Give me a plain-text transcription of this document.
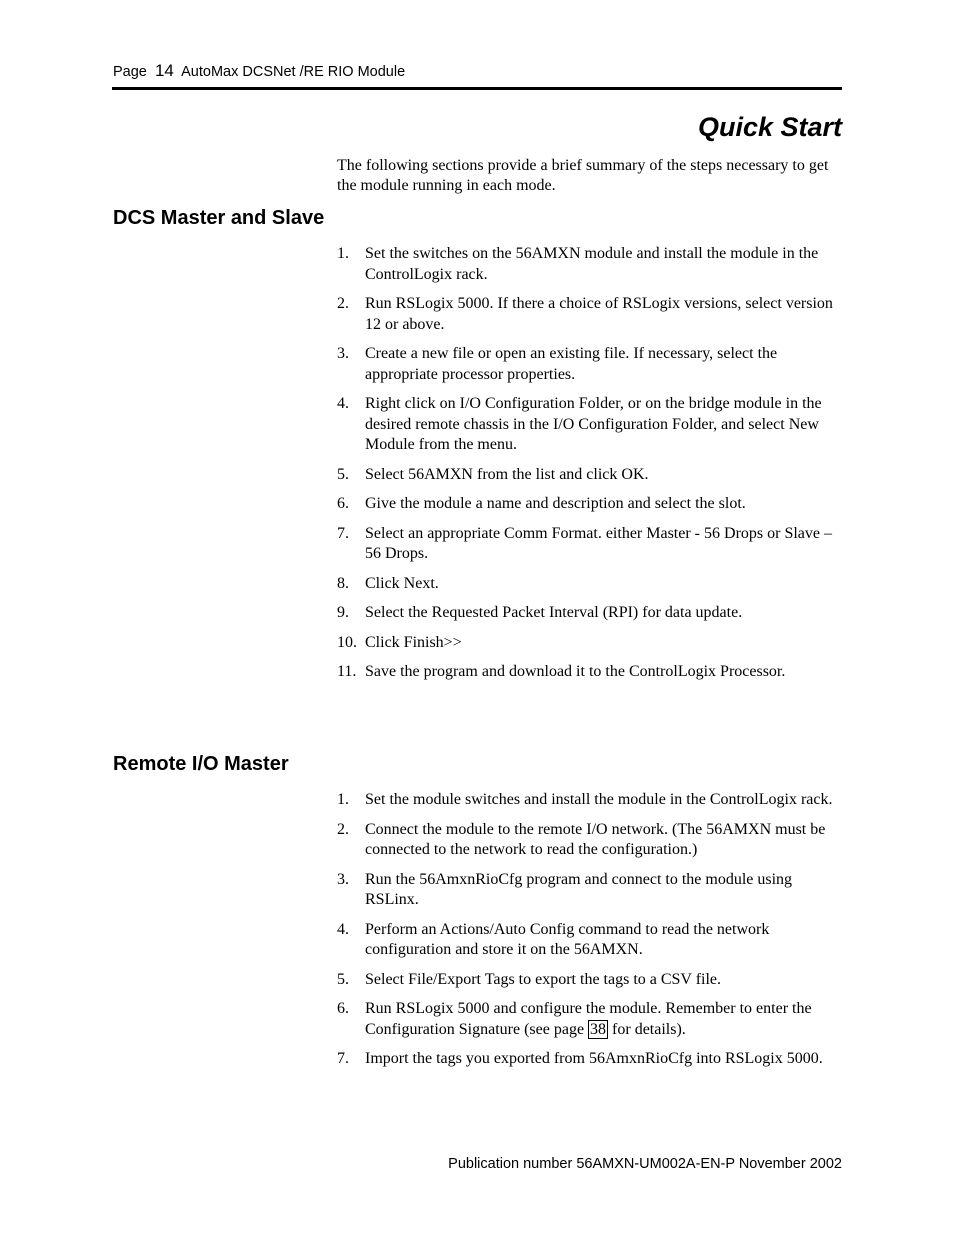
Page 14 AutoMax DCSNet /RE RIO Module
Quick Start

The following sections provide a brief summary of the steps necessary to get the module running in each mode.

DCS Master and Slave
1. Set the switches on the 56AMXN module and install the module in the ControlLogix rack.
2. Run RSLogix 5000. If there a choice of RSLogix versions, select version 12 or above.
3. Create a new file or open an existing file. If necessary, select the appropriate processor properties.
4. Right click on I/O Configuration Folder, or on the bridge module in the desired remote chassis in the I/O Configuration Folder, and select New Module from the menu.
5. Select 56AMXN from the list and click OK.
6. Give the module a name and description and select the slot.
7. Select an appropriate Comm Format. either Master - 56 Drops or Slave – 56 Drops.
8. Click Next.
9. Select the Requested Packet Interval (RPI) for data update.
10. Click Finish>>
11. Save the program and download it to the ControlLogix Processor.
Remote I/O Master
1. Set the module switches and install the module in the ControlLogix rack.
2. Connect the module to the remote I/O network. (The 56AMXN must be connected to the network to read the configuration.)
3. Run the 56AmxnRioCfg program and connect to the module using RSLinx.
4. Perform an Actions/Auto Config command to read the network configuration and store it on the 56AMXN.
5. Select File/Export Tags to export the tags to a CSV file.
6. Run RSLogix 5000 and configure the module. Remember to enter the Configuration Signature (see page 38 for details).
7. Import the tags you exported from 56AmxnRioCfg into RSLogix 5000.
Publication number 56AMXN-UM002A-EN-P November 2002
